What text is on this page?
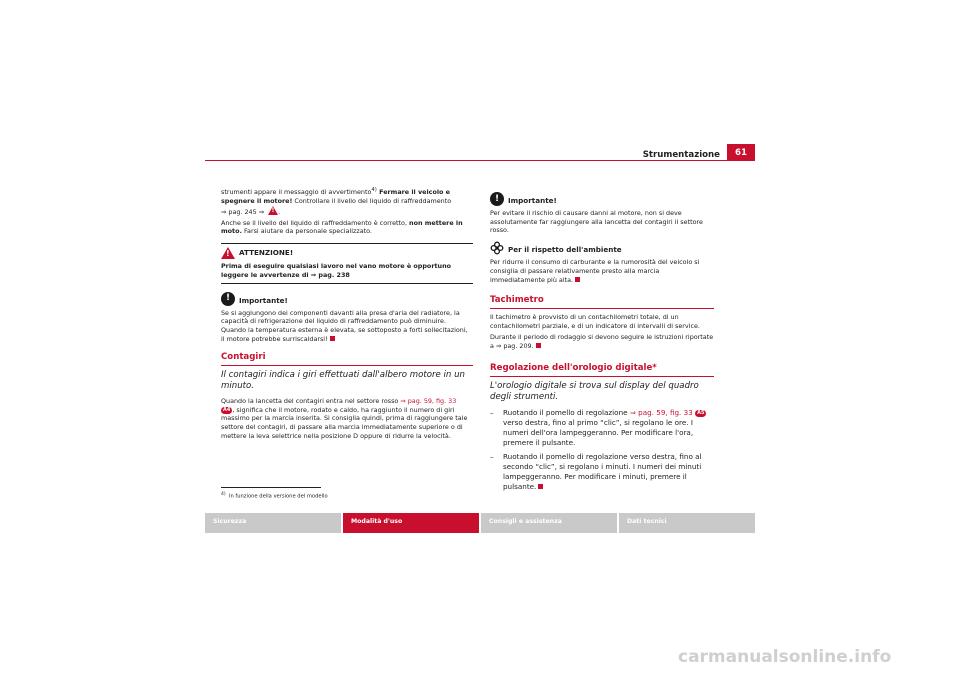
Strumentazione	61

strumenti appare il messaggio di avvertimento$^{4)}$ Fermare il veicolo e spegnere il motore! Controllare il livello del liquido di raffreddamento
⇒ pag. 245 ⇒ !.

Anche se il livello del liquido di raffreddamento è corretto, non mettere in moto. Farsi aiutare da personale specializzato.

!
ATTENZIONE!
Prima di eseguire qualsiasi lavoro nel vano motore è opportuno leggere le avvertenze di ⇒ pag. 238
!	Importante!

Se si aggiungono dei componenti davanti alla presa d'aria del radiatore, la capacità di refrigerazione del liquido di raffreddamento può diminuire. Quando la temperatura esterna è elevata, se sottoposto a forti sollecitazioni, il motore potrebbe surriscaldarsi!

Contagiri
Il contagiri indica i giri effettuati dall'albero motore in un minuto.

Quando la lancetta del contagiri entra nel settore rosso ⇒ pag. 59, fig. 33
A4 , significa che il motore, rodato e caldo, ha raggiunto il numero di giri massimo per la marcia inserita. Si consiglia quindi, prima di raggiungere tale settore del contagiri, di passare alla marcia immediatamente superiore o di mettere la leva selettrice nella posizione D oppure di ridurre la velocità.

$^{4)}$ In funzione della versione del modello
!	Importante!

Per evitare il rischio di causare danni al motore, non si deve assolutamente far raggiungere alla lancetta del contagiri il settore rosso.

Per il rispetto dell'ambiente

Per ridurre il consumo di carburante e la rumorosità del veicolo si consiglia di passare relativamente presto alla marcia immediatamente più alta.

Tachimetro

Il tachimetro è provvisto di un contachilometri totale, di un contachilometri parziale, e di un indicatore di intervalli di service.

Durante il periodo di rodaggio si devono seguire le istruzioni riportate a ⇒ pag. 209.

Regolazione dell'orologio digitale*
L'orologio digitale si trova sul display del quadro degli strumenti.
–	Ruotando il pomello di regolazione ⇒ pag. 59, fig. 33 A5 verso destra, fino al primo “clic”, si regolano le ore. I numeri dell'ora lampeggeranno. Per modificare l'ora, premere il pulsante.
–	Ruotando il pomello di regolazione verso destra, fino al secondo “clic”, si regolano i minuti. I numeri dei minuti lampeggeranno. Per modificare i minuti, premere il pulsante.
Sicurezza	Modalità d'uso	Consigli e assistenza	Dati tecnici
carmanualsonline.info
